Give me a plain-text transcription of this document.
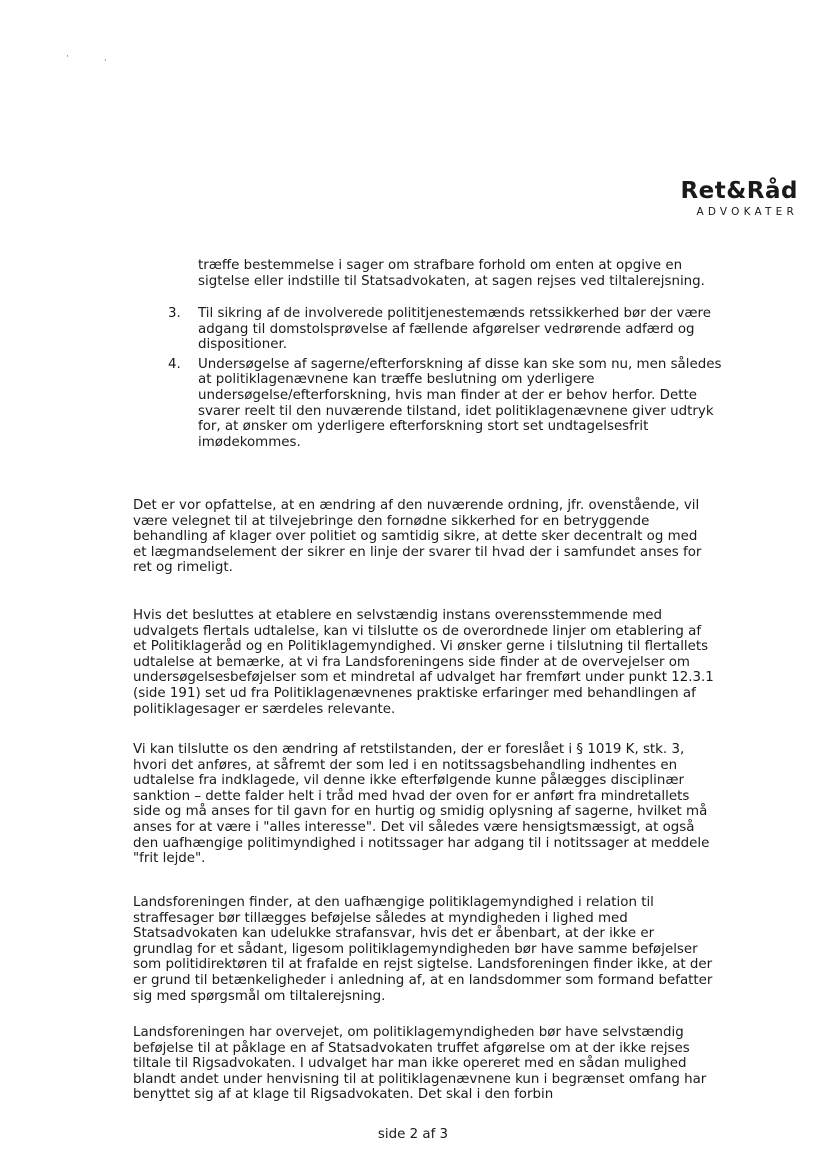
·	·
Ret&Råd
ADVOKATER

træffe bestemmelse i sager om strafbare forhold om enten at opgive en sigtelse eller indstille til Statsadvokaten, at sagen rejses ved tiltalerejsning.

3. Til sikring af de involverede polititjenestemænds retssikkerhed bør der være adgang til domstolsprøvelse af fællende afgørelser vedrørende adfærd og dispositioner.
4. Undersøgelse af sagerne/efterforskning af disse kan ske som nu, men således at politiklagenævnene kan træffe beslutning om yderligere undersøgelse/efterforskning, hvis man finder at der er behov herfor. Dette svarer reelt til den nuværende tilstand, idet politiklagenævnene giver udtryk for, at ønsker om yderligere efterforskning stort set undtagelsesfrit imødekommes.

Det er vor opfattelse, at en ændring af den nuværende ordning, jfr. ovenstående, vil være velegnet til at tilvejebringe den fornødne sikkerhed for en betryggende behandling af klager over politiet og samtidig sikre, at dette sker decentralt og med et lægmandselement der sikrer en linje der svarer til hvad der i samfundet anses for ret og rimeligt.

Hvis det besluttes at etablere en selvstændig instans overensstemmende med udvalgets flertals udtalelse, kan vi tilslutte os de overordnede linjer om etablering af et Politiklageråd og en Politiklagemyndighed. Vi ønsker gerne i tilslutning til flertallets udtalelse at bemærke, at vi fra Landsforeningens side finder at de overvejelser om undersøgelsesbeføjelser som et mindretal af udvalget har fremført under punkt 12.3.1 (side 191) set ud fra Politiklagenævnenes praktiske erfaringer med behandlingen af politiklagesager er særdeles relevante.

Vi kan tilslutte os den ændring af retstilstanden, der er foreslået i § 1019 K, stk. 3, hvori det anføres, at såfremt der som led i en notitssagsbehandling indhentes en udtalelse fra indklagede, vil denne ikke efterfølgende kunne pålægges disciplinær sanktion – dette falder helt i tråd med hvad der oven for er anført fra mindretallets side og må anses for til gavn for en hurtig og smidig oplysning af sagerne, hvilket må anses for at være i "alles interesse". Det vil således være hensigtsmæssigt, at også den uafhængige politimyndighed i notitssager har adgang til i notitssager at meddele "frit lejde".

Landsforeningen finder, at den uafhængige politiklagemyndighed i relation til straffesager bør tillægges beføjelse således at myndigheden i lighed med Statsadvokaten kan udelukke strafansvar, hvis det er åbenbart, at der ikke er grundlag for et sådant, ligesom politiklagemyndigheden bør have samme beføjelser som politidirektøren til at frafalde en rejst sigtelse. Landsforeningen finder ikke, at der er grund til betænkeligheder i anledning af, at en landsdommer som formand befatter sig med spørgsmål om tiltalerejsning.

Landsforeningen har overvejet, om politiklagemyndigheden bør have selvstændig beføjelse til at påklage en af Statsadvokaten truffet afgørelse om at der ikke rejses tiltale til Rigsadvokaten. I udvalget har man ikke opereret med en sådan mulighed blandt andet under henvisning til at politiklagenævnene kun i begrænset omfang har benyttet sig af at klage til Rigsadvokaten. Det skal i den forbin

side 2 af 3
